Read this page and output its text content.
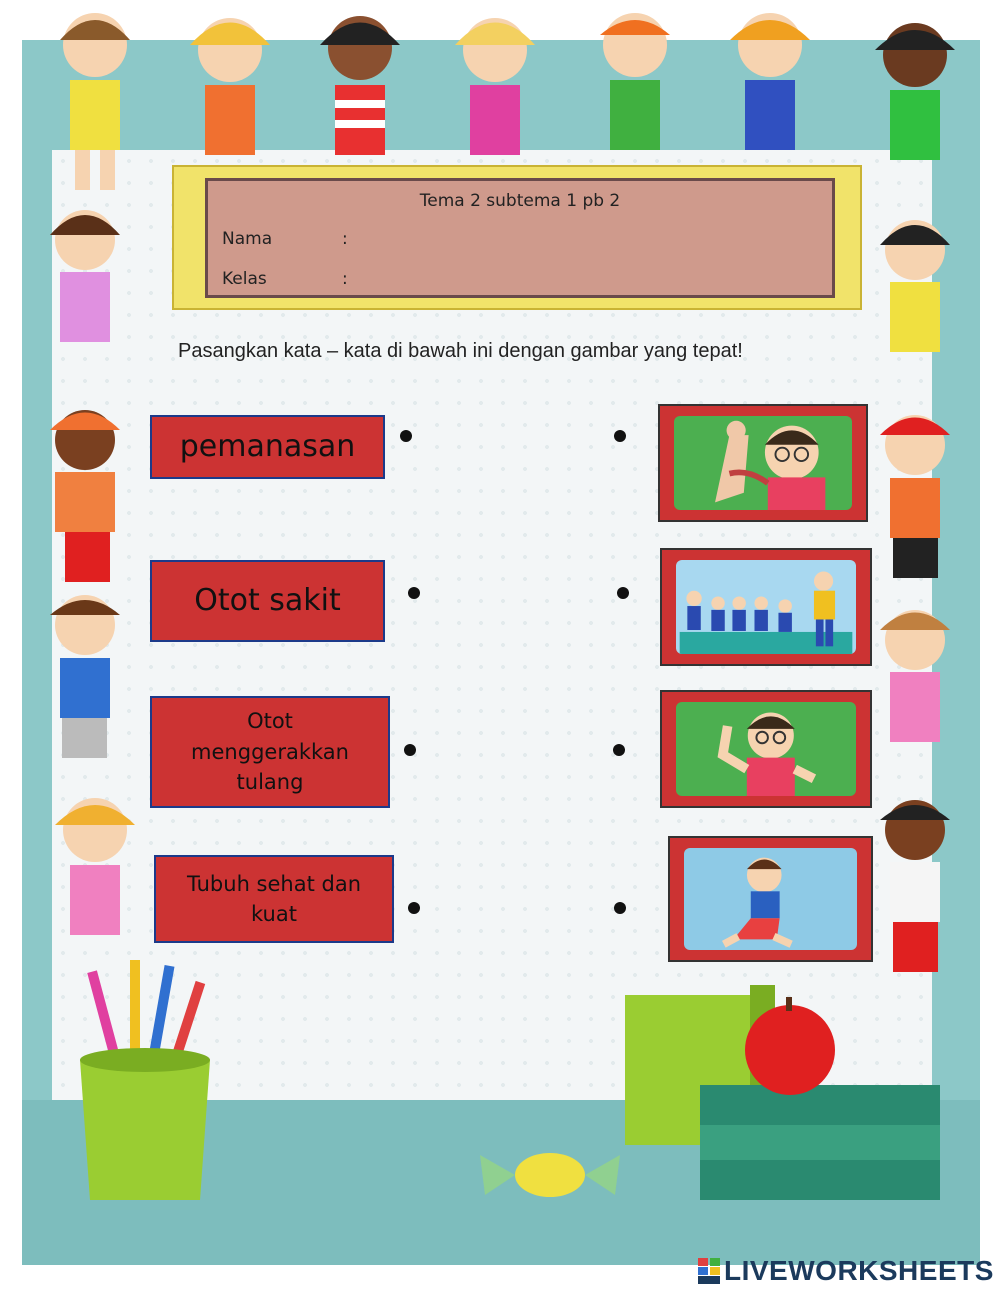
Tema 2 subtema 1 pb 2
Nama	:
Kelas	:
Pasangkan kata – kata di bawah ini dengan gambar yang tepat!
pemanasan
Otot sakit
Otot menggerakkan tulang
Tubuh sehat dan kuat
LIVEWORKSHEETS
